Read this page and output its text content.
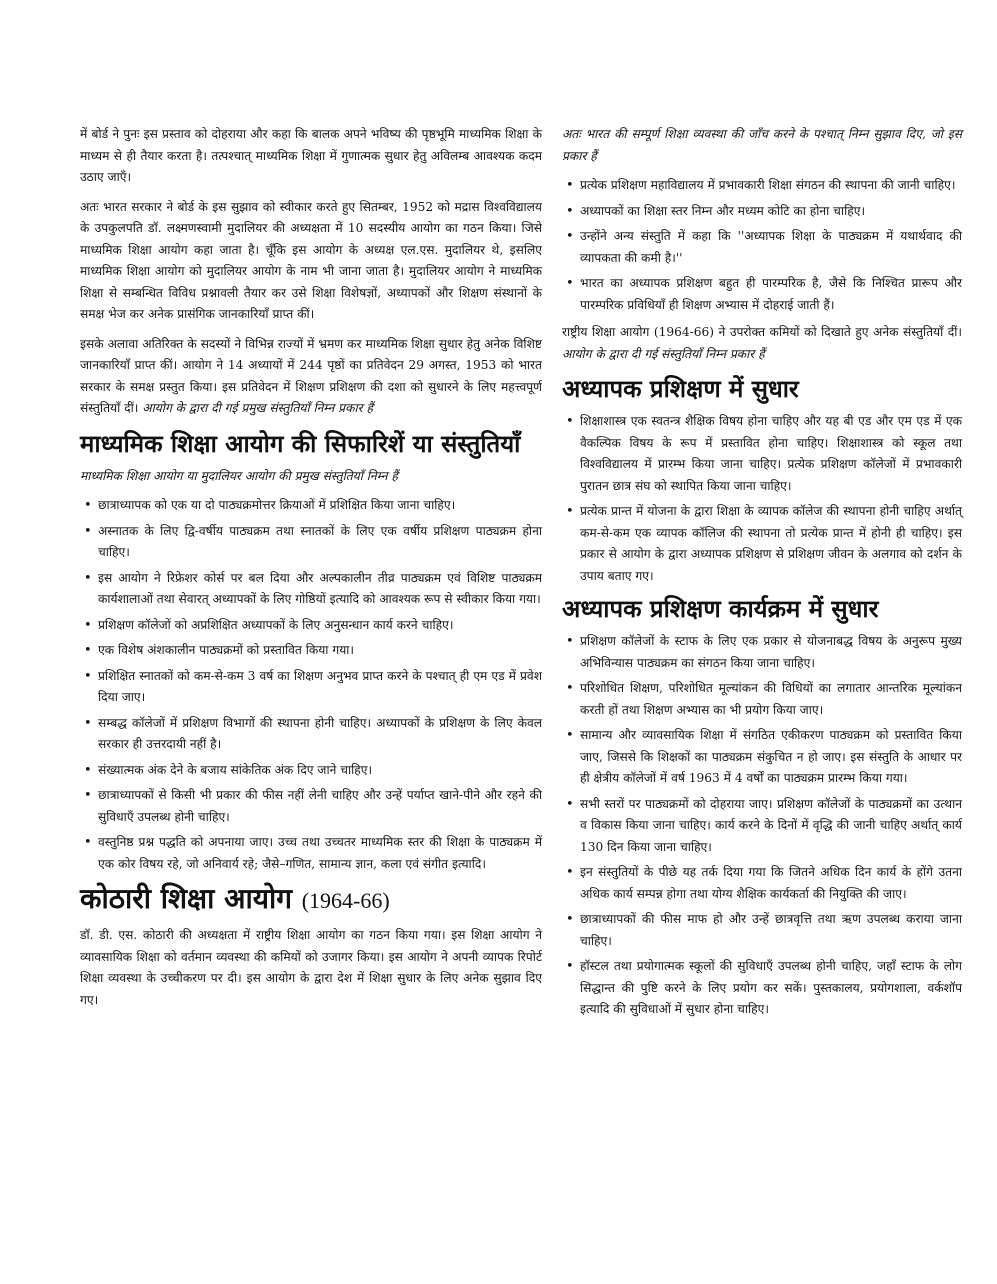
में बोर्ड ने पुनः इस प्रस्ताव को दोहराया और कहा कि बालक अपने भविष्य की पृष्ठभूमि माध्यमिक शिक्षा के माध्यम से ही तैयार करता है। तत्पश्चात् माध्यमिक शिक्षा में गुणात्मक सुधार हेतु अविलम्ब आवश्यक कदम उठाए जाएँ।

अतः भारत सरकार ने बोर्ड के इस सुझाव को स्वीकार करते हुए सितम्बर, 1952 को मद्रास विश्वविद्यालय के उपकुलपति डॉ. लक्ष्मणस्वामी मुदालियर की अध्यक्षता में 10 सदस्यीय आयोग का गठन किया। जिसे माध्यमिक शिक्षा आयोग कहा जाता है। चूँकि इस आयोग के अध्यक्ष एल.एस. मुदालियर थे, इसलिए माध्यमिक शिक्षा आयोग को मुदालियर आयोग के नाम भी जाना जाता है। मुदालियर आयोग ने माध्यमिक शिक्षा से सम्बन्धित विविध प्रश्नावली तैयार कर उसे शिक्षा विशेषज्ञों, अध्यापकों और शिक्षण संस्थानों के समक्ष भेज कर अनेक प्रासंगिक जानकारियाँ प्राप्त कीं।

इसके अलावा अतिरिक्त के सदस्यों ने विभिन्न राज्यों में भ्रमण कर माध्यमिक शिक्षा सुधार हेतु अनेक विशिष्ट जानकारियाँ प्राप्त कीं। आयोग ने 14 अध्यायों में 244 पृष्ठों का प्रतिवेदन 29 अगस्त, 1953 को भारत सरकार के समक्ष प्रस्तुत किया। इस प्रतिवेदन में शिक्षण प्रशिक्षण की दशा को सुधारने के लिए महत्त्वपूर्ण संस्तुतियाँ दीं। आयोग के द्वारा दी गई प्रमुख संस्तुतियाँ निम्न प्रकार हैं

माध्यमिक शिक्षा आयोग की सिफारिशें या संस्तुतियाँ

माध्यमिक शिक्षा आयोग या मुदालियर आयोग की प्रमुख संस्तुतियाँ निम्न हैं

• छात्राध्यापक को एक या दो पाठ्यक्रमोत्तर क्रियाओं में प्रशिक्षित किया जाना चाहिए।
• अस्नातक के लिए द्वि-वर्षीय पाठ्यक्रम तथा स्नातकों के लिए एक वर्षीय प्रशिक्षण पाठ्यक्रम होना चाहिए।
• इस आयोग ने रिफ्रेशर कोर्स पर बल दिया और अल्पकालीन तीव्र पाठ्यक्रम एवं विशिष्ट पाठ्यक्रम कार्यशालाओं तथा सेवारत् अध्यापकों के लिए गोष्ठियों इत्यादि को आवश्यक रूप से स्वीकार किया गया।
• प्रशिक्षण कॉलेजों को अप्रशिक्षित अध्यापकों के लिए अनुसन्धान कार्य करने चाहिए।
• एक विशेष अंशकालीन पाठ्यक्रमों को प्रस्तावित किया गया।
• प्रशिक्षित स्नातकों को कम-से-कम 3 वर्ष का शिक्षण अनुभव प्राप्त करने के पश्चात् ही एम एड में प्रवेश दिया जाए।
• सम्बद्ध कॉलेजों में प्रशिक्षण विभागों की स्थापना होनी चाहिए। अध्यापकों के प्रशिक्षण के लिए केवल सरकार ही उत्तरदायी नहीं है।
• संख्यात्मक अंक देने के बजाय सांकेतिक अंक दिए जाने चाहिए।
• छात्राध्यापकों से किसी भी प्रकार की फीस नहीं लेनी चाहिए और उन्हें पर्याप्त खाने-पीने और रहने की सुविधाएँ उपलब्ध होनी चाहिए।
• वस्तुनिष्ठ प्रश्न पद्धति को अपनाया जाए। उच्च तथा उच्चतर माध्यमिक स्तर की शिक्षा के पाठ्यक्रम में एक कोर विषय रहे, जो अनिवार्य रहे; जैसे–गणित, सामान्य ज्ञान, कला एवं संगीत इत्यादि।
कोठारी शिक्षा आयोग (1964-66)

डॉ. डी. एस. कोठारी की अध्यक्षता में राष्ट्रीय शिक्षा आयोग का गठन किया गया। इस शिक्षा आयोग ने व्यावसायिक शिक्षा को वर्तमान व्यवस्था की कमियों को उजागर किया। इस आयोग ने अपनी व्यापक रिपोर्ट शिक्षा व्यवस्था के उच्चीकरण पर दी। इस आयोग के द्वारा देश में शिक्षा सुधार के लिए अनेक सुझाव दिए गए।

अतः भारत की सम्पूर्ण शिक्षा व्यवस्था की जाँच करने के पश्चात् निम्न सुझाव दिए, जो इस प्रकार हैं

• प्रत्येक प्रशिक्षण महाविद्यालय में प्रभावकारी शिक्षा संगठन की स्थापना की जानी चाहिए।
• अध्यापकों का शिक्षा स्तर निम्न और मध्यम कोटि का होना चाहिए।
• उन्होंने अन्य संस्तुति में कहा कि ''अध्यापक शिक्षा के पाठ्यक्रम में यथार्थवाद की व्यापकता की कमी है।''
• भारत का अध्यापक प्रशिक्षण बहुत ही पारम्परिक है, जैसे कि निश्चित प्रारूप और पारम्परिक प्रविधियाँ ही शिक्षण अभ्यास में दोहराई जाती हैं।

राष्ट्रीय शिक्षा आयोग (1964-66) ने उपरोक्त कमियों को दिखाते हुए अनेक संस्तुतियाँ दीं। आयोग के द्वारा दी गई संस्तुतियाँ निम्न प्रकार हैं

अध्यापक प्रशिक्षण में सुधार
• शिक्षाशास्त्र एक स्वतन्त्र शैक्षिक विषय होना चाहिए और यह बी एड और एम एड में एक वैकल्पिक विषय के रूप में प्रस्तावित होना चाहिए। शिक्षाशास्त्र को स्कूल तथा विश्वविद्यालय में प्रारम्भ किया जाना चाहिए। प्रत्येक प्रशिक्षण कॉलेजों में प्रभावकारी पुरातन छात्र संघ को स्थापित किया जाना चाहिए।
• प्रत्येक प्रान्त में योजना के द्वारा शिक्षा के व्यापक कॉलेज की स्थापना होनी चाहिए अर्थात् कम-से-कम एक व्यापक कॉलिज की स्थापना तो प्रत्येक प्रान्त में होनी ही चाहिए। इस प्रकार से आयोग के द्वारा अध्यापक प्रशिक्षण से प्रशिक्षण जीवन के अलगाव को दर्शन के उपाय बताए गए।
अध्यापक प्रशिक्षण कार्यक्रम में सुधार
• प्रशिक्षण कॉलेजों के स्टाफ के लिए एक प्रकार से योजनाबद्ध विषय के अनुरूप मुख्य अभिविन्यास पाठ्यक्रम का संगठन किया जाना चाहिए।
• परिशोधित शिक्षण, परिशोधित मूल्यांकन की विधियों का लगातार आन्तरिक मूल्यांकन करती हों तथा शिक्षण अभ्यास का भी प्रयोग किया जाए।
• सामान्य और व्यावसायिक शिक्षा में संगठित एकीकरण पाठ्यक्रम को प्रस्तावित किया जाए, जिससे कि शिक्षकों का पाठ्यक्रम संकुचित न हो जाए। इस संस्तुति के आधार पर ही क्षेत्रीय कॉलेजों में वर्ष 1963 में 4 वर्षों का पाठ्यक्रम प्रारम्भ किया गया।
• सभी स्तरों पर पाठ्यक्रमों को दोहराया जाए। प्रशिक्षण कॉलेजों के पाठ्यक्रमों का उत्थान व विकास किया जाना चाहिए। कार्य करने के दिनों में वृद्धि की जानी चाहिए अर्थात् कार्य 130 दिन किया जाना चाहिए।
• इन संस्तुतियों के पीछे यह तर्क दिया गया कि जितने अधिक दिन कार्य के होंगे उतना अधिक कार्य सम्पन्न होगा तथा योग्य शैक्षिक कार्यकर्ता की नियुक्ति की जाए।
• छात्राध्यापकों की फीस माफ हो और उन्हें छात्रवृत्ति तथा ऋण उपलब्ध कराया जाना चाहिए।
• हॉस्टल तथा प्रयोगात्मक स्कूलों की सुविधाएँ उपलब्ध होनी चाहिए, जहाँ स्टाफ के लोग सिद्धान्त की पुष्टि करने के लिए प्रयोग कर सकें। पुस्तकालय, प्रयोगशाला, वर्कशॉप इत्यादि की सुविधाओं में सुधार होना चाहिए।
